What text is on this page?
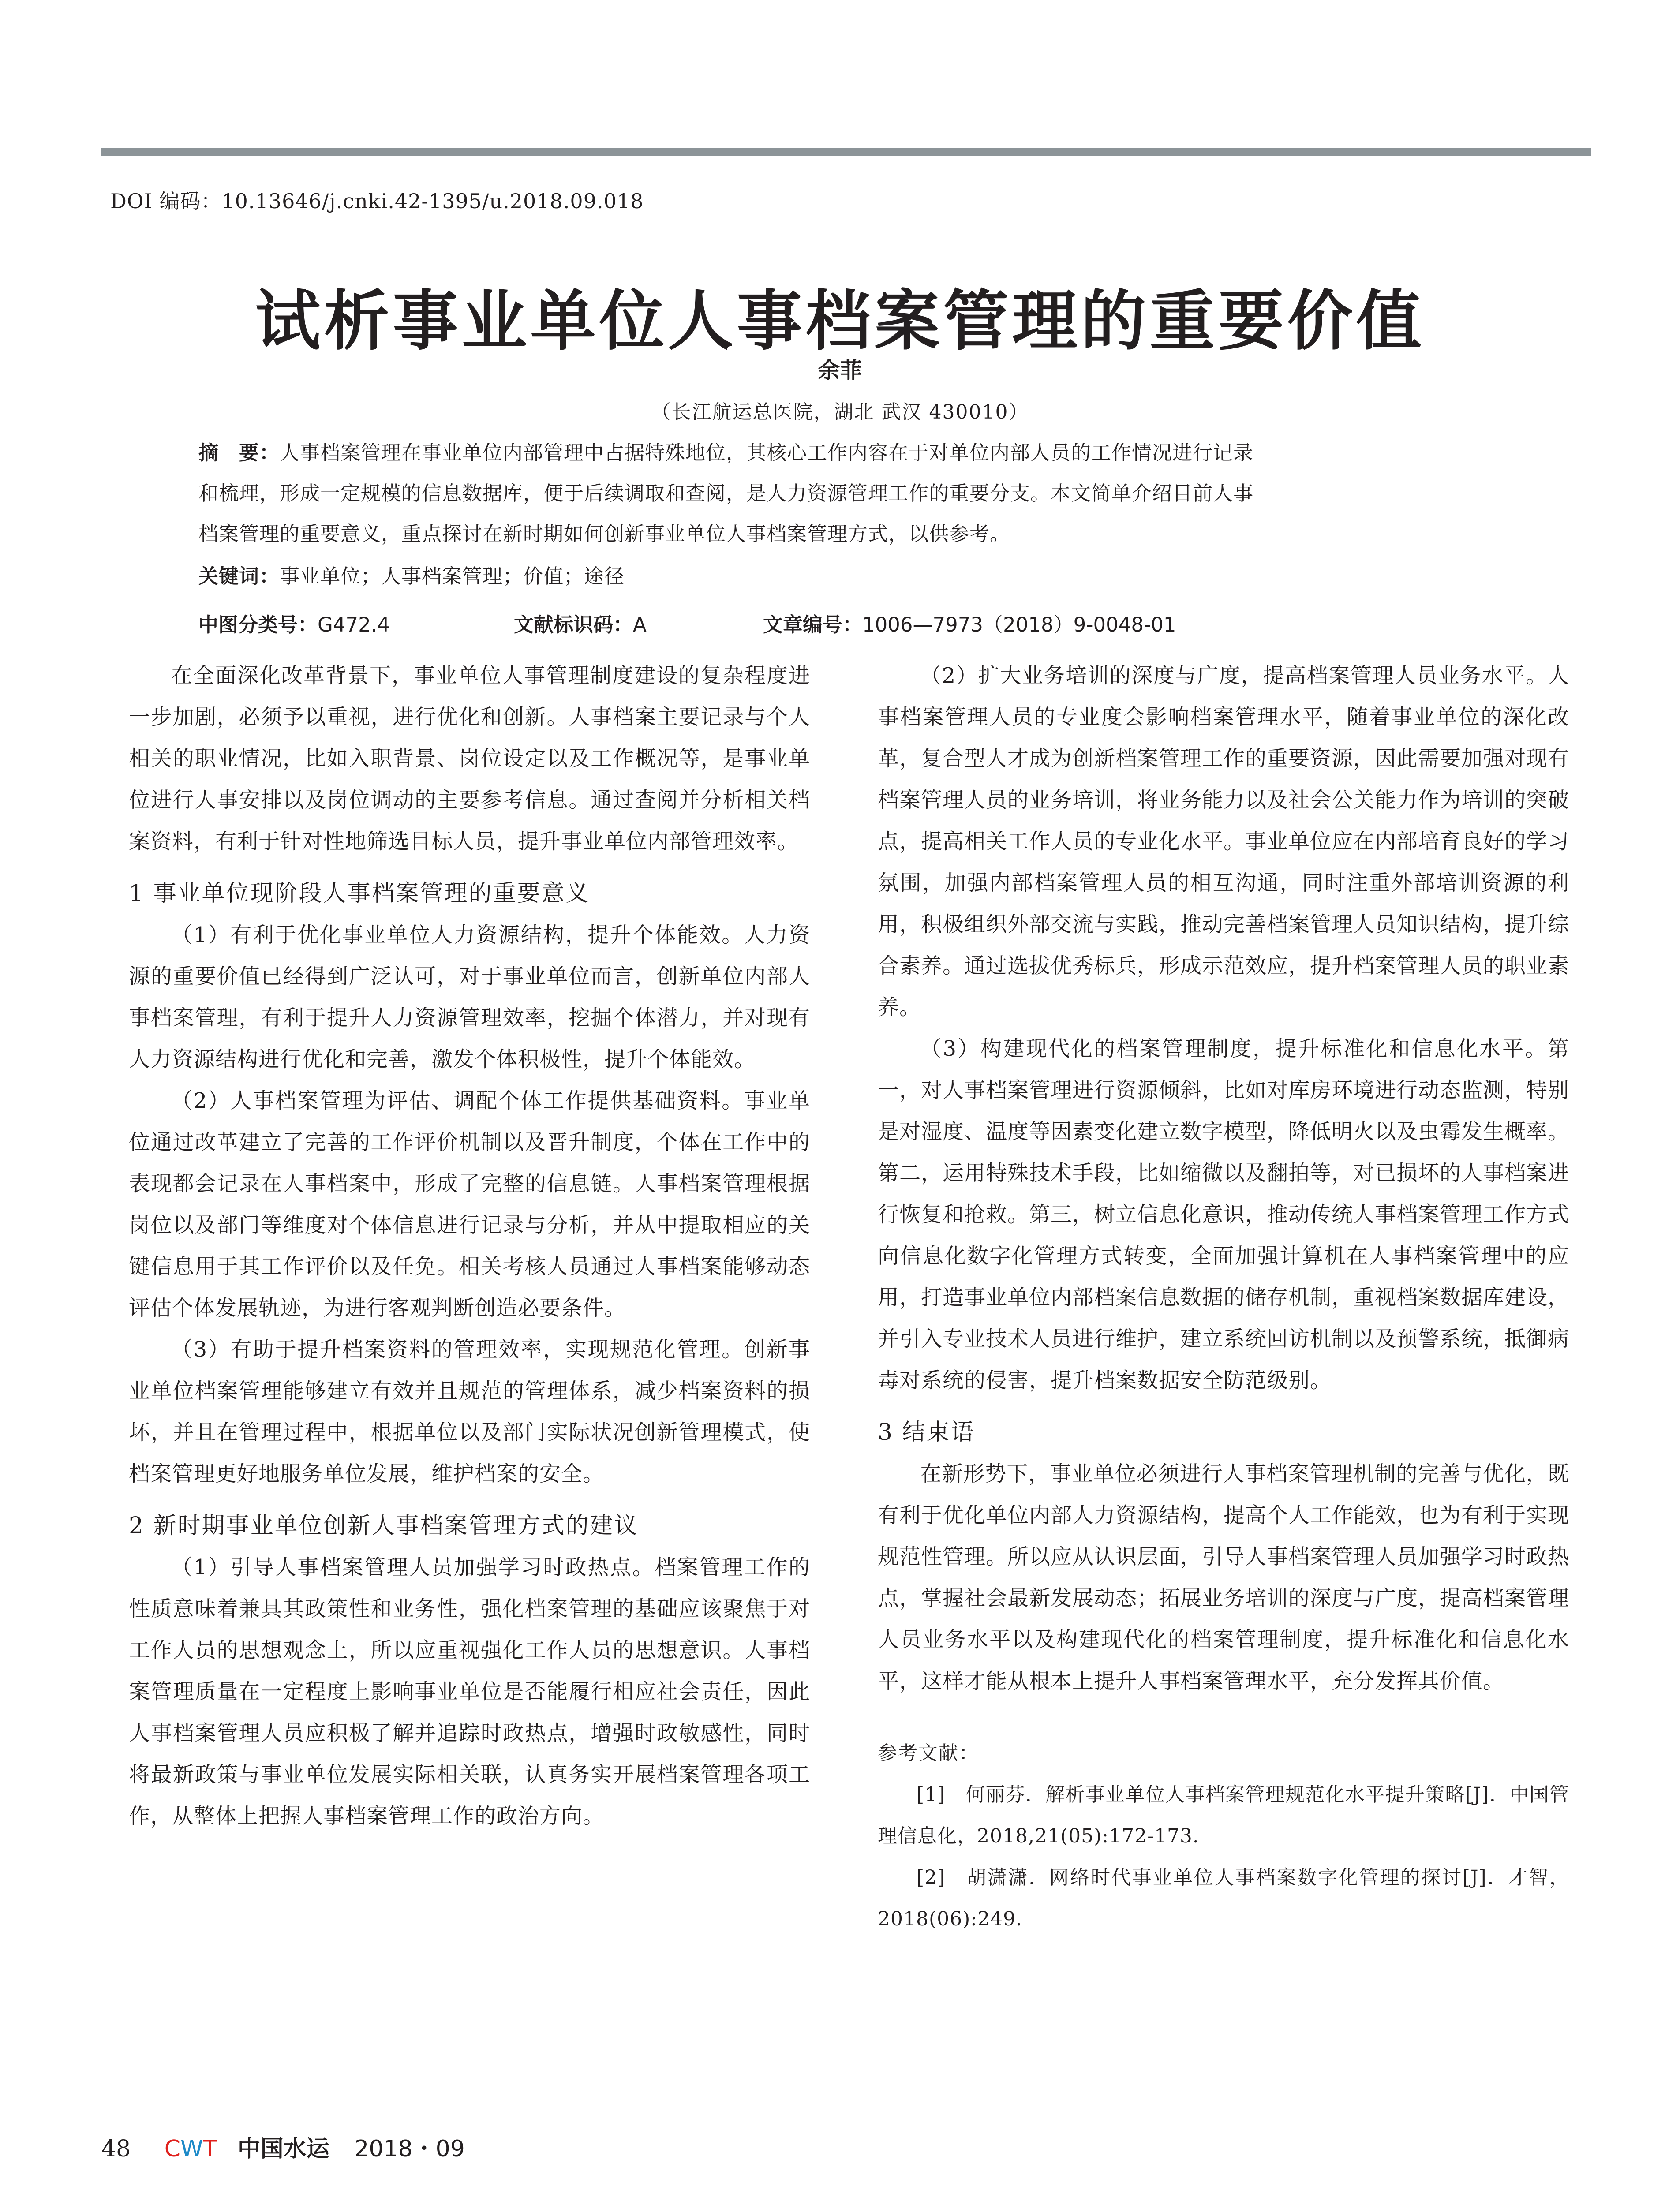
DOI 编码：10.13646/j.cnki.42-1395/u.2018.09.018
试析事业单位人事档案管理的重要价值
余菲
（长江航运总医院，湖北 武汉 430010）
摘　要：人事档案管理在事业单位内部管理中占据特殊地位，其核心工作内容在于对单位内部人员的工作情况进行记录
和梳理，形成一定规模的信息数据库，便于后续调取和查阅，是人力资源管理工作的重要分支。本文简单介绍目前人事
档案管理的重要意义，重点探讨在新时期如何创新事业单位人事档案管理方式，以供参考。
关键词：事业单位；人事档案管理；价值；途径
中图分类号：G472.4	文献标识码：A	文章编号：1006—7973（2018）9-0048-01

在全面深化改革背景下，事业单位人事管理制度建设的复杂程度进一步加剧，必须予以重视，进行优化和创新。人事档案主要记录与个人相关的职业情况，比如入职背景、岗位设定以及工作概况等，是事业单位进行人事安排以及岗位调动的主要参考信息。通过查阅并分析相关档案资料，有利于针对性地筛选目标人员，提升事业单位内部管理效率。

1 事业单位现阶段人事档案管理的重要意义

（1）有利于优化事业单位人力资源结构，提升个体能效。人力资源的重要价值已经得到广泛认可，对于事业单位而言，创新单位内部人事档案管理，有利于提升人力资源管理效率，挖掘个体潜力，并对现有人力资源结构进行优化和完善，激发个体积极性，提升个体能效。

（2）人事档案管理为评估、调配个体工作提供基础资料。事业单位通过改革建立了完善的工作评价机制以及晋升制度，个体在工作中的表现都会记录在人事档案中，形成了完整的信息链。人事档案管理根据岗位以及部门等维度对个体信息进行记录与分析，并从中提取相应的关键信息用于其工作评价以及任免。相关考核人员通过人事档案能够动态评估个体发展轨迹，为进行客观判断创造必要条件。

（3）有助于提升档案资料的管理效率，实现规范化管理。创新事业单位档案管理能够建立有效并且规范的管理体系，减少档案资料的损坏，并且在管理过程中，根据单位以及部门实际状况创新管理模式，使档案管理更好地服务单位发展，维护档案的安全。

2 新时期事业单位创新人事档案管理方式的建议

（1）引导人事档案管理人员加强学习时政热点。档案管理工作的性质意味着兼具其政策性和业务性，强化档案管理的基础应该聚焦于对工作人员的思想观念上，所以应重视强化工作人员的思想意识。人事档案管理质量在一定程度上影响事业单位是否能履行相应社会责任，因此人事档案管理人员应积极了解并追踪时政热点，增强时政敏感性，同时将最新政策与事业单位发展实际相关联，认真务实开展档案管理各项工作，从整体上把握人事档案管理工作的政治方向。

（2）扩大业务培训的深度与广度，提高档案管理人员业务水平。人事档案管理人员的专业度会影响档案管理水平，随着事业单位的深化改革，复合型人才成为创新档案管理工作的重要资源，因此需要加强对现有档案管理人员的业务培训，将业务能力以及社会公关能力作为培训的突破点，提高相关工作人员的专业化水平。事业单位应在内部培育良好的学习氛围，加强内部档案管理人员的相互沟通，同时注重外部培训资源的利用，积极组织外部交流与实践，推动完善档案管理人员知识结构，提升综合素养。通过选拔优秀标兵，形成示范效应，提升档案管理人员的职业素养。

（3）构建现代化的档案管理制度，提升标准化和信息化水平。第一，对人事档案管理进行资源倾斜，比如对库房环境进行动态监测，特别是对湿度、温度等因素变化建立数字模型，降低明火以及虫霉发生概率。第二，运用特殊技术手段，比如缩微以及翻拍等，对已损坏的人事档案进行恢复和抢救。第三，树立信息化意识，推动传统人事档案管理工作方式向信息化数字化管理方式转变，全面加强计算机在人事档案管理中的应用，打造事业单位内部档案信息数据的储存机制，重视档案数据库建设，并引入专业技术人员进行维护，建立系统回访机制以及预警系统，抵御病毒对系统的侵害，提升档案数据安全防范级别。

3 结束语

在新形势下，事业单位必须进行人事档案管理机制的完善与优化，既有利于优化单位内部人力资源结构，提高个人工作能效，也为有利于实现规范性管理。所以应从认识层面，引导人事档案管理人员加强学习时政热点，掌握社会最新发展动态；拓展业务培训的深度与广度，提高档案管理人员业务水平以及构建现代化的档案管理制度，提升标准化和信息化水平，这样才能从根本上提升人事档案管理水平，充分发挥其价值。

参考文献：

[1]　何丽芬．解析事业单位人事档案管理规范化水平提升策略[J]．中国管理信息化，2018,21(05):172-173.

[2]　胡潇潇．网络时代事业单位人事档案数字化管理的探讨[J]．才智，2018(06):249.

48 CWT 中国水运 2018・09
